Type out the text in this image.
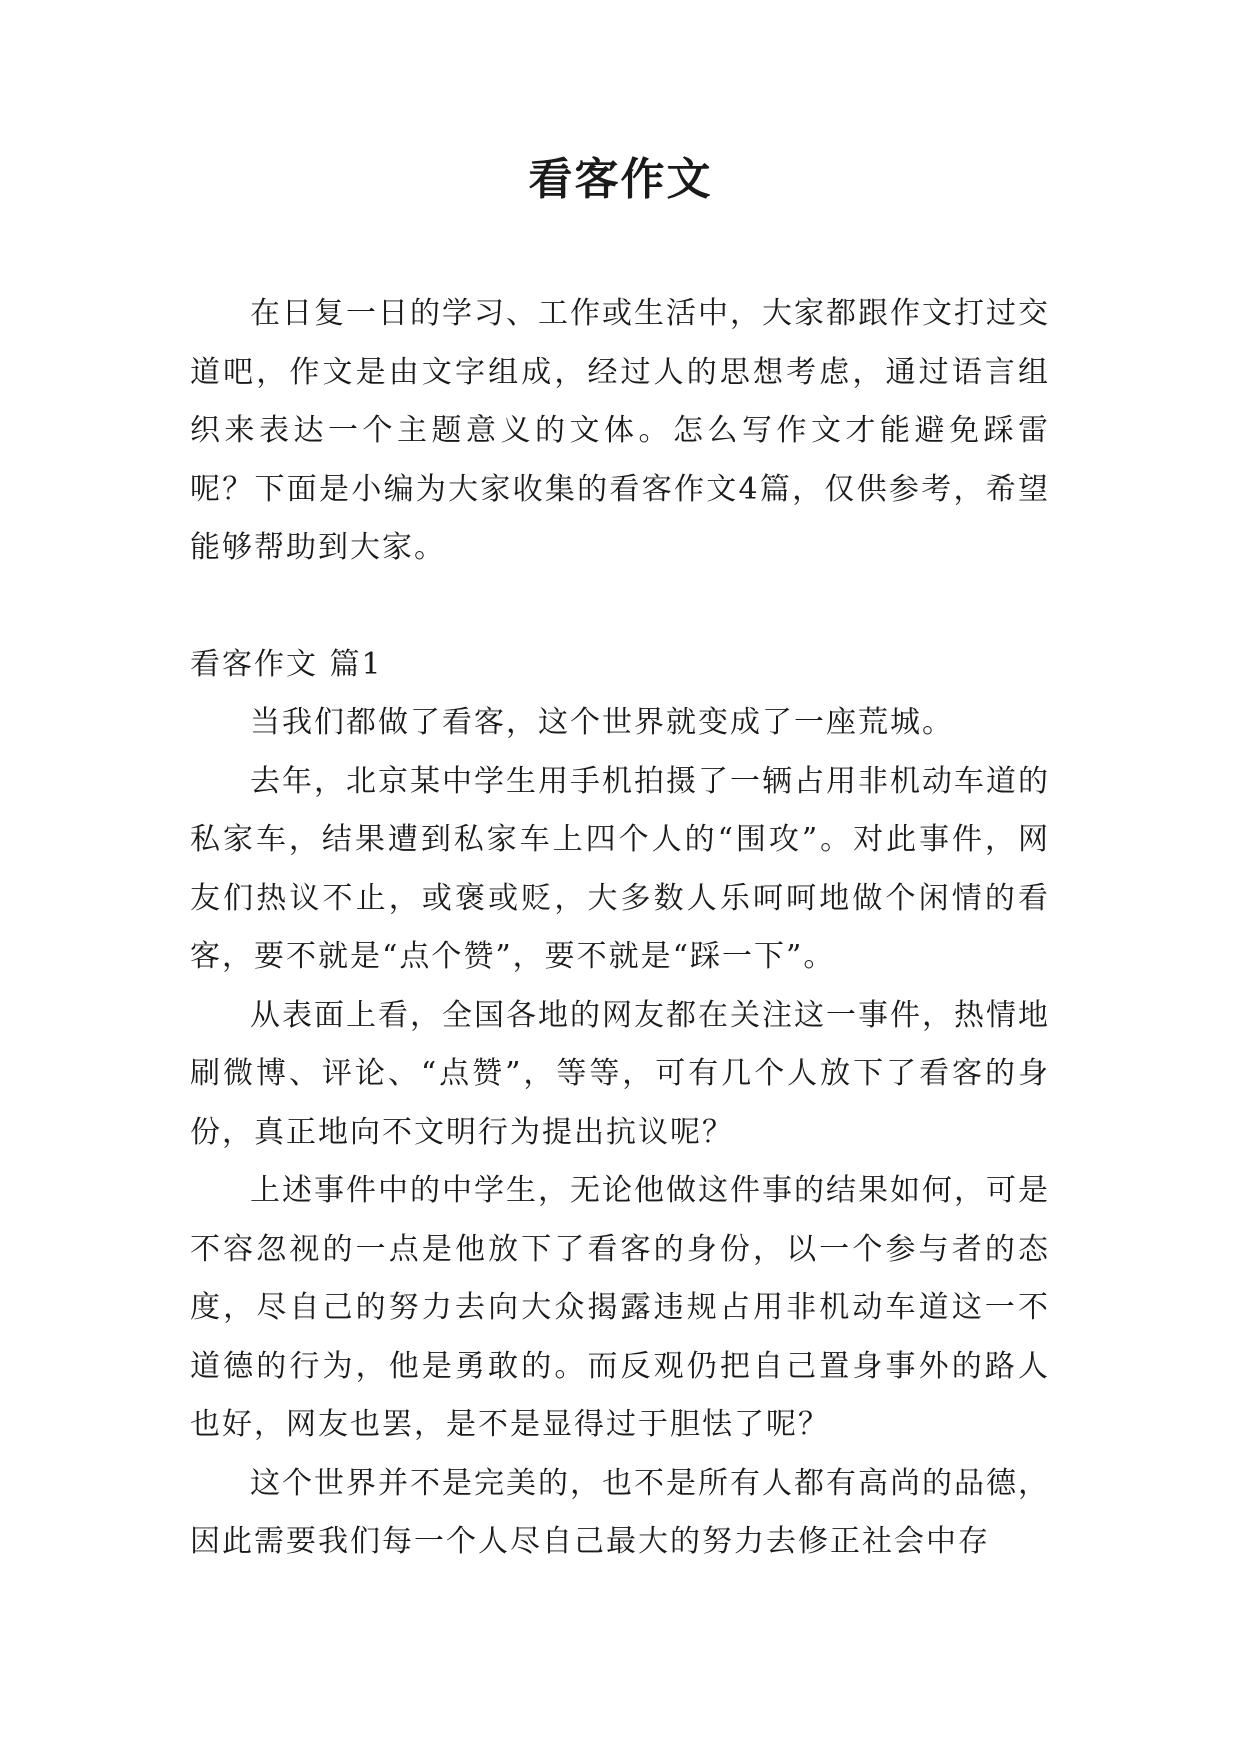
看客作文

在日复一日的学习、工作或生活中，大家都跟作文打过交道吧，作文是由文字组成，经过人的思想考虑，通过语言组织来表达一个主题意义的文体。怎么写作文才能避免踩雷呢？下面是小编为大家收集的看客作文4篇，仅供参考，希望能够帮助到大家。

看客作文 篇1

当我们都做了看客，这个世界就变成了一座荒城。

去年，北京某中学生用手机拍摄了一辆占用非机动车道的私家车，结果遭到私家车上四个人的“围攻”。对此事件，网友们热议不止，或褒或贬，大多数人乐呵呵地做个闲情的看客，要不就是“点个赞”，要不就是“踩一下”。

从表面上看，全国各地的网友都在关注这一事件，热情地刷微博、评论、“点赞”，等等，可有几个人放下了看客的身份，真正地向不文明行为提出抗议呢？

上述事件中的中学生，无论他做这件事的结果如何，可是不容忽视的一点是他放下了看客的身份，以一个参与者的态度，尽自己的努力去向大众揭露违规占用非机动车道这一不道德的行为，他是勇敢的。而反观仍把自己置身事外的路人也好，网友也罢，是不是显得过于胆怯了呢？

这个世界并不是完美的，也不是所有人都有高尚的品德，因此需要我们每一个人尽自己最大的努力去修正社会中存
